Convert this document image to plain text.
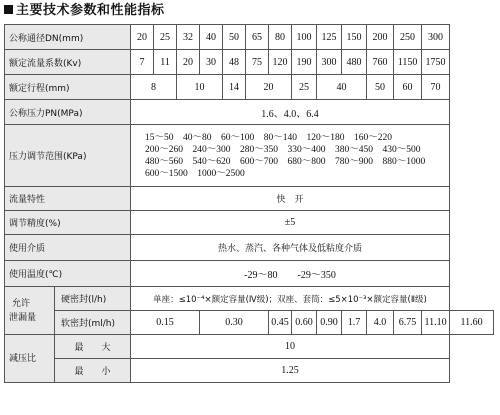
主要技术参数和性能指标
公称通径DN(mm)		20	25	32	40	50	65	80	100	125	150	200	250	300	
额定流量系数(Kv)		7	11	20	30	48	75	120	190	300	480	760	1150	1750	
额定行程(mm)		8		10		14	20		25	40		50	60	70	
公称压力PN(MPa)		1.6、4.0、6.4													
压力调节范围(KPa)		15～50　40～80　60～100　80～140　120～180　160～220
200～260　240～300　280～350　330～400　380～450　430～500
480～560　540～620　600～700　680～800　780～900　880～1000
600～1500　1000～2500													

流量特性		快　开													
调节精度(%)		±5													
使用介质		热水、蒸汽、各种气体及低粘度介质													
使用温度(℃)		-29～80　　-29～350													

允许
泄漏量	硬密封(l/h)	单座：≤10⁻⁴×额定容量(Ⅳ级)；双座、套筒：≤5×10⁻³×额定容量(Ⅱ级)													
	软密封(ml/h)	0.15			0.30			0.45	0.60	0.90	1.7	4.0	6.75	11.10	11.60
减压比	最　　大	10													
	最　　小	1.25													
